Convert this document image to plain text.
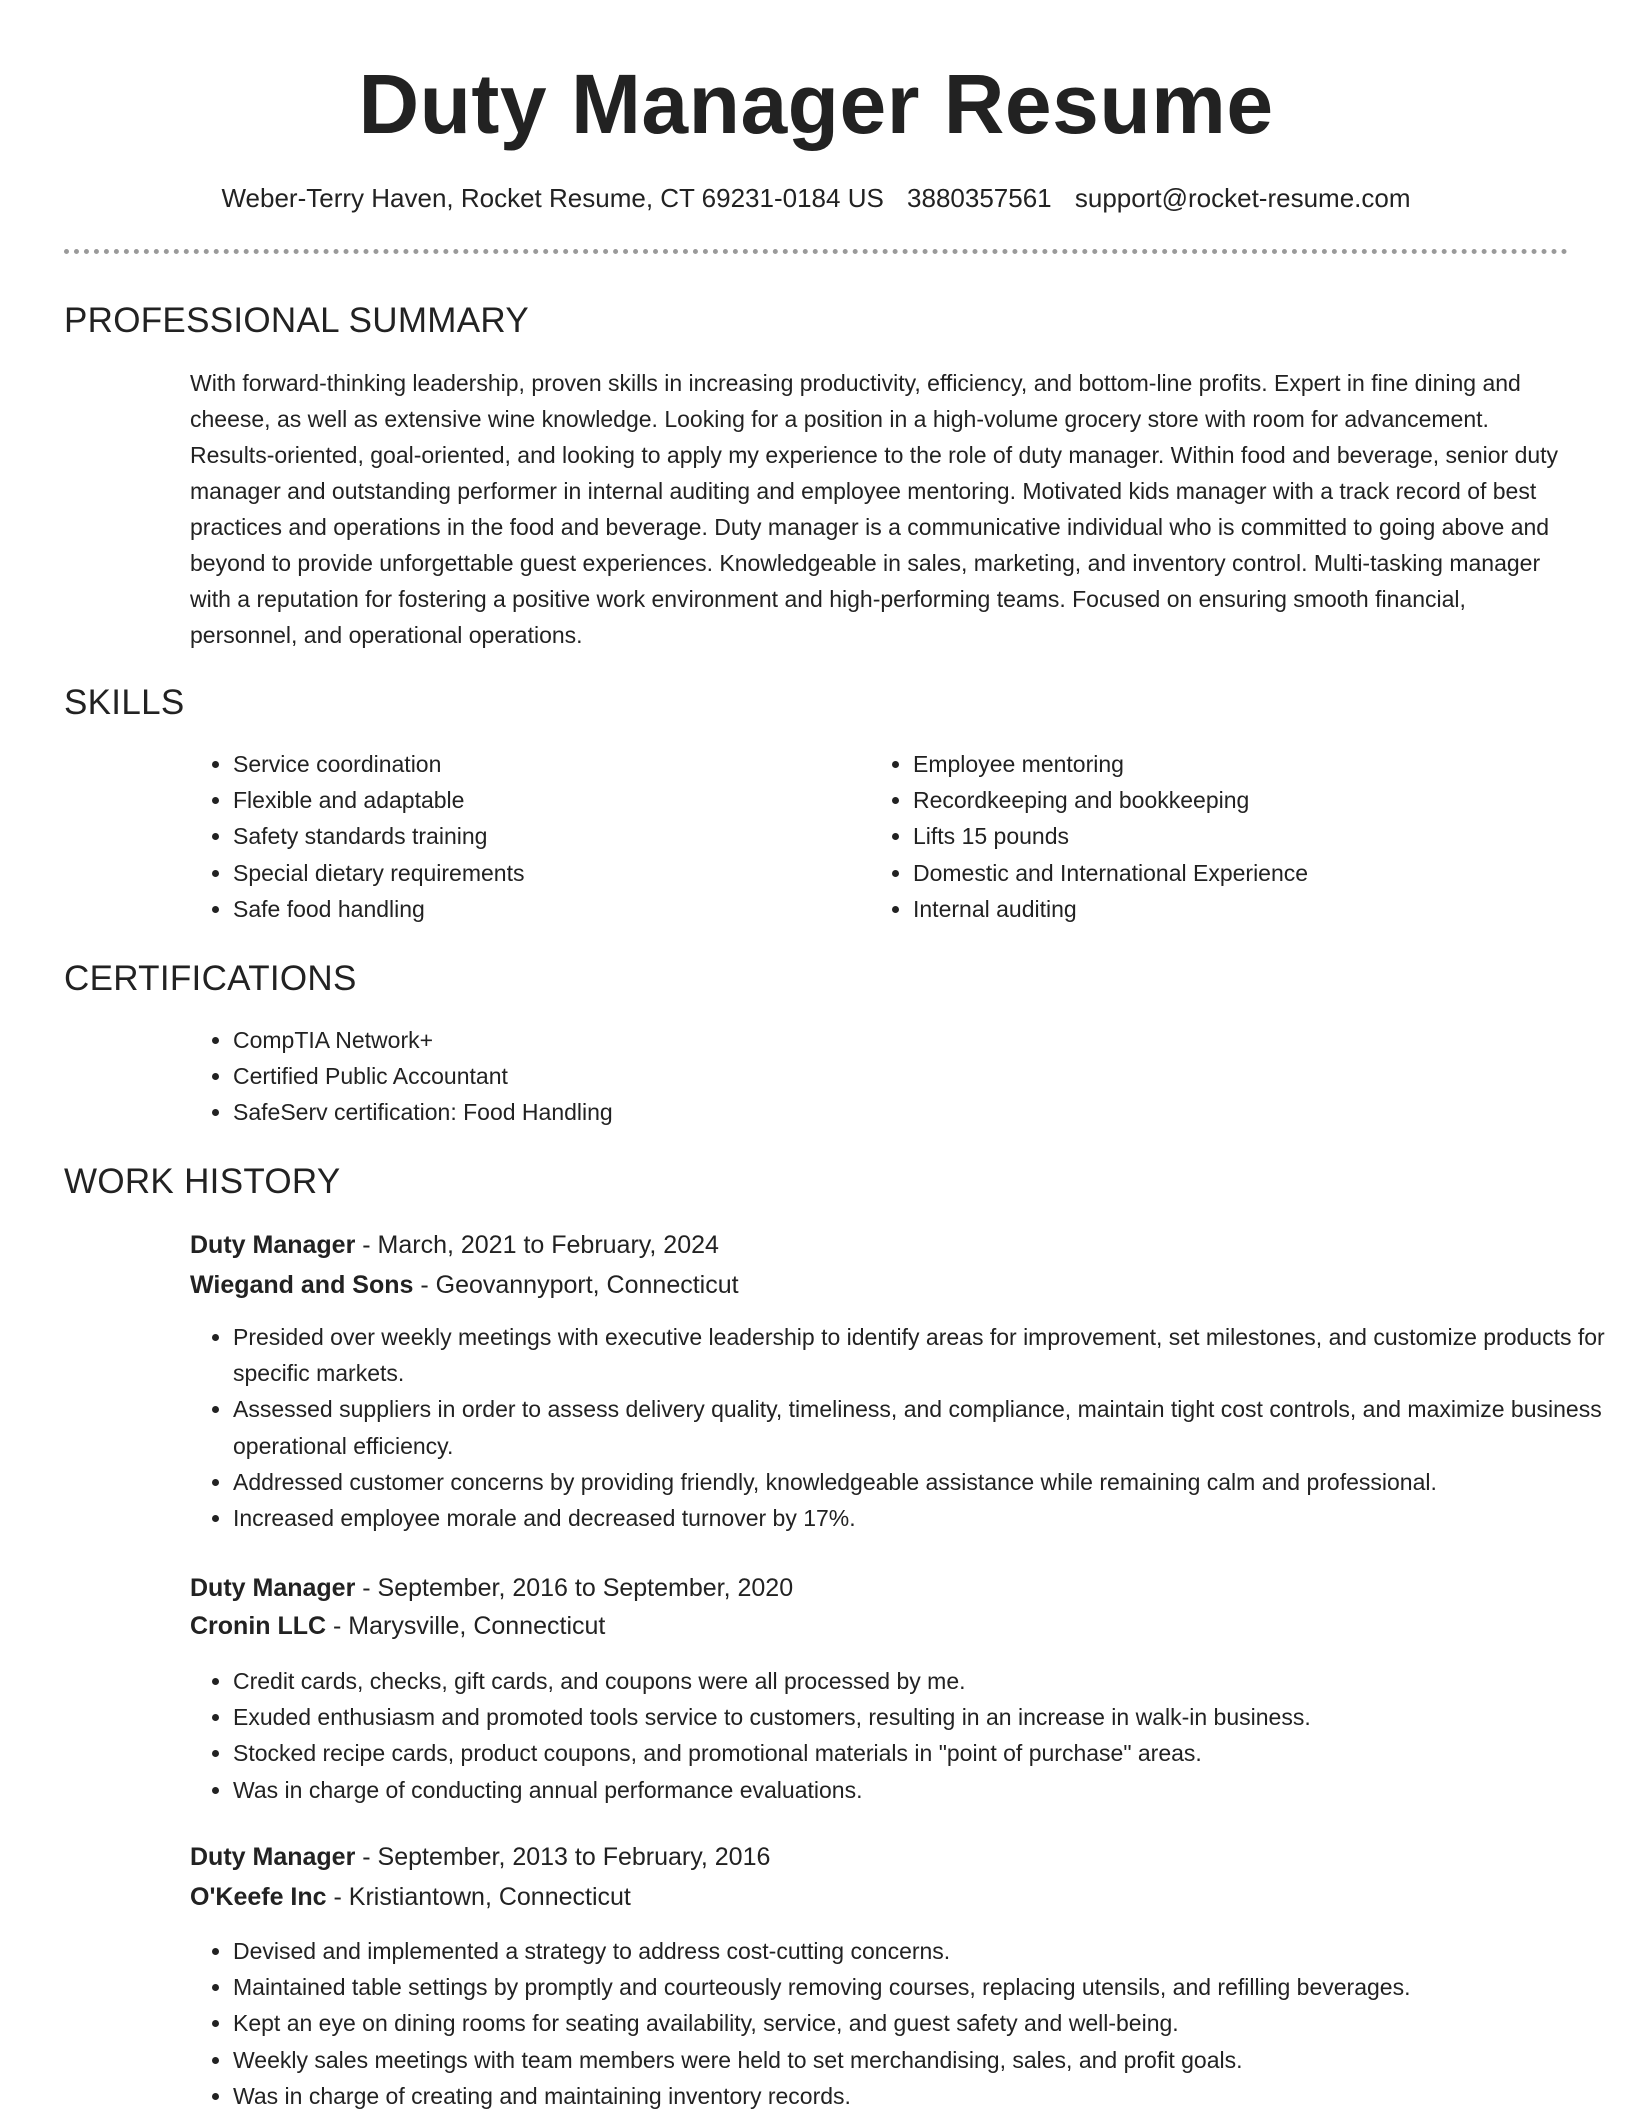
Duty Manager Resume
Weber-Terry Haven, Rocket Resume, CT 69231-0184 US 3880357561 support@rocket-resume.com
PROFESSIONAL SUMMARY
With forward-thinking leadership, proven skills in increasing productivity, efficiency, and bottom-line profits. Expert in fine dining and cheese, as well as extensive wine knowledge. Looking for a position in a high-volume grocery store with room for advancement. Results-oriented, goal-oriented, and looking to apply my experience to the role of duty manager. Within food and beverage, senior duty manager and outstanding performer in internal auditing and employee mentoring. Motivated kids manager with a track record of best practices and operations in the food and beverage. Duty manager is a communicative individual who is committed to going above and beyond to provide unforgettable guest experiences. Knowledgeable in sales, marketing, and inventory control. Multi-tasking manager with a reputation for fostering a positive work environment and high-performing teams. Focused on ensuring smooth financial, personnel, and operational operations.
SKILLS
• Service coordination
• Flexible and adaptable
• Safety standards training
• Special dietary requirements
• Safe food handling
• Employee mentoring
• Recordkeeping and bookkeeping
• Lifts 15 pounds
• Domestic and International Experience
• Internal auditing
CERTIFICATIONS
• CompTIA Network+
• Certified Public Accountant
• SafeServ certification: Food Handling
WORK HISTORY
Duty Manager - March, 2021 to February, 2024
Wiegand and Sons - Geovannyport, Connecticut
• Presided over weekly meetings with executive leadership to identify areas for improvement, set milestones, and customize products for specific markets.
• Assessed suppliers in order to assess delivery quality, timeliness, and compliance, maintain tight cost controls, and maximize business operational efficiency.
• Addressed customer concerns by providing friendly, knowledgeable assistance while remaining calm and professional.
• Increased employee morale and decreased turnover by 17%.
Duty Manager - September, 2016 to September, 2020
Cronin LLC - Marysville, Connecticut
• Credit cards, checks, gift cards, and coupons were all processed by me.
• Exuded enthusiasm and promoted tools service to customers, resulting in an increase in walk-in business.
• Stocked recipe cards, product coupons, and promotional materials in "point of purchase" areas.
• Was in charge of conducting annual performance evaluations.
Duty Manager - September, 2013 to February, 2016
O'Keefe Inc - Kristiantown, Connecticut
• Devised and implemented a strategy to address cost-cutting concerns.
• Maintained table settings by promptly and courteously removing courses, replacing utensils, and refilling beverages.
• Kept an eye on dining rooms for seating availability, service, and guest safety and well-being.
• Weekly sales meetings with team members were held to set merchandising, sales, and profit goals.
• Was in charge of creating and maintaining inventory records.
